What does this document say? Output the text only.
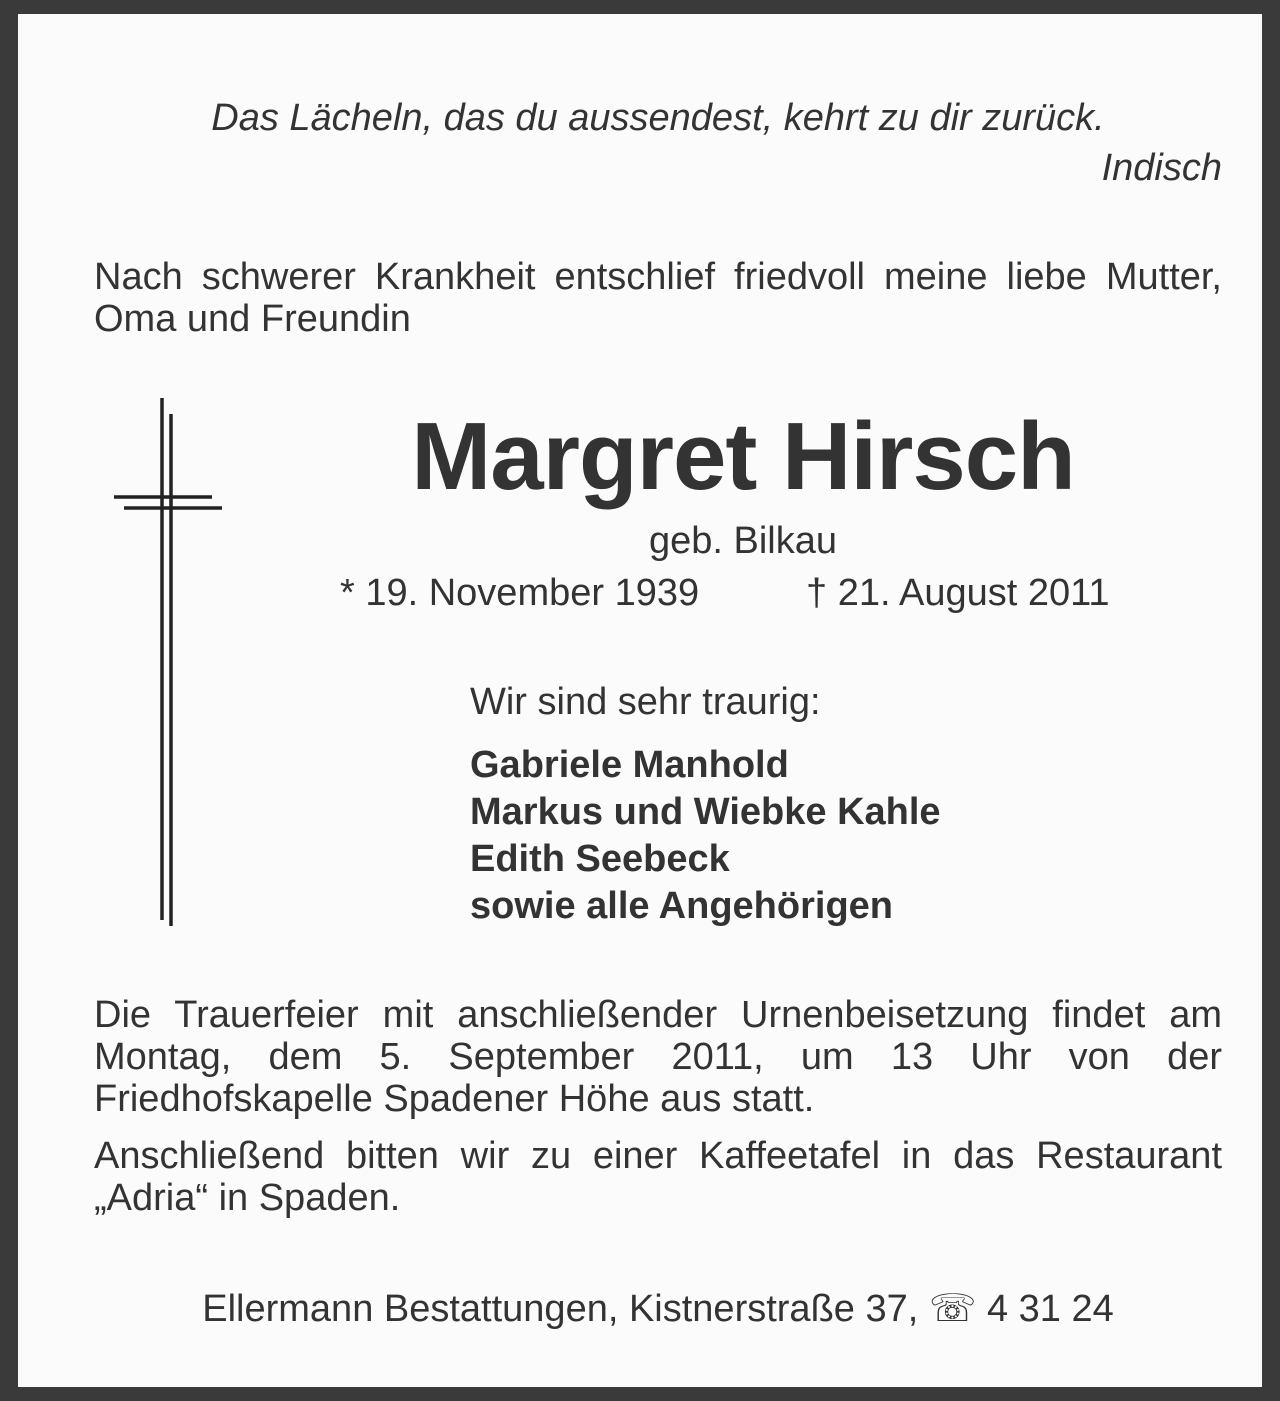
Das Lächeln, das du aussendest, kehrt zu dir zurück.
Indisch
Nach schwerer Krankheit entschlief friedvoll meine liebe Mutter, Oma und Freundin
Margret Hirsch
geb. Bilkau
* 19. November 1939	† 21. August 2011
Wir sind sehr traurig:
Gabriele Manhold
Markus und Wiebke Kahle
Edith Seebeck
sowie alle Angehörigen
Die Trauerfeier mit anschließender Urnenbeisetzung findet am Montag, dem 5. September 2011, um 13 Uhr von der Friedhofskapelle Spadener Höhe aus statt.
Anschließend bitten wir zu einer Kaffeetafel in das Restaurant „Adria“ in Spaden.
Ellermann Bestattungen, Kistnerstraße 37, ☏ 4 31 24
